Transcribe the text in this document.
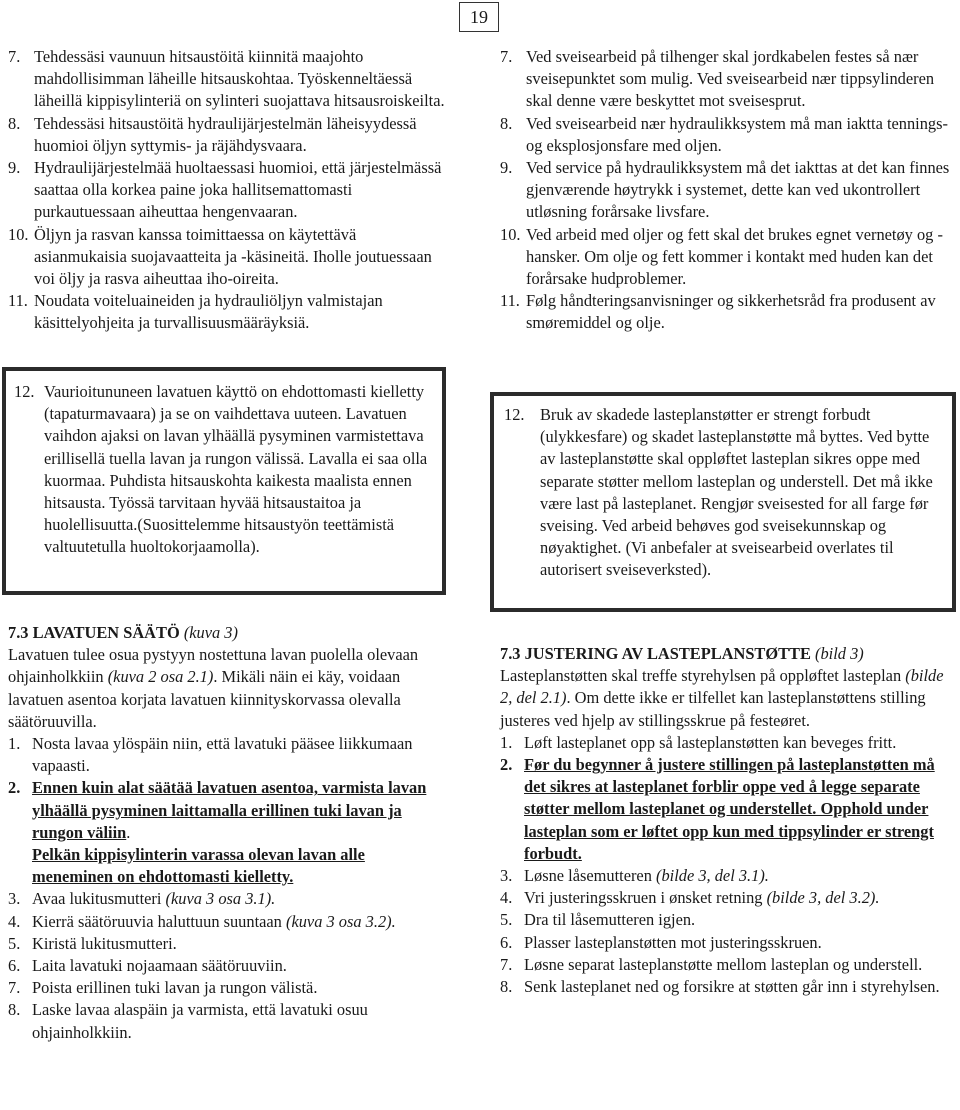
19
7. Tehdessäsi vaunuun hitsaustöitä kiinnitä maajohto mahdollisimman läheille hitsauskohtaa. Työskenneltäessä läheillä kippisylinteriä on sylinteri suojattava hitsausroiskeilta.
8. Tehdessäsi hitsaustöitä hydraulijärjestelmän läheisyydessä huomioi öljyn syttymis- ja räjähdysvaara.
9. Hydraulijärjestelmää huoltaessasi huomioi, että järjestelmässä saattaa olla korkea paine joka hallitsemattomasti purkautuessaan aiheuttaa hengenvaaran.
10. Öljyn ja rasvan kanssa toimittaessa on käytettävä asianmukaisia suojavaatteita ja -käsineitä. Iholle joutuessaan voi öljy ja rasva aiheuttaa iho-oireita.
11. Noudata voiteluaineiden ja hydrauliöljyn valmistajan käsittelyohjeita ja turvallisuusmääräyksiä.
12. Vaurioitununeen lavatuen käyttö on ehdottomasti kielletty (tapaturmavaara) ja se on vaihdettava uuteen. Lavatuen vaihdon ajaksi on lavan ylhäällä pysyminen varmistettava erillisellä tuella lavan ja rungon välissä. Lavalla ei saa olla kuormaa. Puhdista hitsauskohta kaikesta maalista ennen hitsausta. Työssä tarvitaan hyvää hitsaustaitoa ja huolellisuutta.(Suosittelemme hitsaustyön teettämistä valtuutetulla huoltokorjaamolla).
7.3 LAVATUEN SÄÄTÖ (kuva 3)
Lavatuen tulee osua pystyyn nostettuna lavan puolella olevaan ohjainholkkiin (kuva 2 osa 2.1). Mikäli näin ei käy, voidaan lavatuen asentoa korjata lavatuen kiinnityskorvassa olevalla säätöruuvilla.
1. Nosta lavaa ylöspäin niin, että lavatuki pääsee liikkumaan vapaasti.
2. Ennen kuin alat säätää lavatuen asentoa, varmista lavan ylhäällä pysyminen laittamalla erillinen tuki lavan ja rungon väliin.
Pelkän kippisylinterin varassa olevan lavan alle meneminen on ehdottomasti kielletty.
3. Avaa lukitusmutteri (kuva 3 osa 3.1).
4. Kierrä säätöruuvia haluttuun suuntaan (kuva 3 osa 3.2).
5. Kiristä lukitusmutteri.
6. Laita lavatuki nojaamaan säätöruuviin.
7. Poista erillinen tuki lavan ja rungon välistä.
8. Laske lavaa alaspäin ja varmista, että lavatuki osuu ohjainholkkiin.
7. Ved sveisearbeid på tilhenger skal jordkabelen festes så nær sveisepunktet som mulig. Ved sveisearbeid nær tippsylinderen skal denne være beskyttet mot sveisesprut.
8. Ved sveisearbeid nær hydraulikksystem må man iaktta tennings- og eksplosjonsfare med oljen.
9. Ved service på hydraulikksystem må det iakttas at det kan finnes gjenværende høytrykk i systemet, dette kan ved ukontrollert utløsning forårsake livsfare.
10. Ved arbeid med oljer og fett skal det brukes egnet vernetøy og -hansker. Om olje og fett kommer i kontakt med huden kan det forårsake hudproblemer.
11. Følg håndteringsanvisninger og sikkerhetsråd fra produsent av smøremiddel og olje.
12. Bruk av skadede lasteplanstøtter er strengt forbudt (ulykkesfare) og skadet lasteplanstøtte må byttes. Ved bytte av lasteplanstøtte skal oppløftet lasteplan sikres oppe med separate støtter mellom lasteplan og understell. Det må ikke være last på lasteplanet. Rengjør sveisested for all farge før sveising. Ved arbeid behøves god sveisekunnskap og nøyaktighet. (Vi anbefaler at sveisearbeid overlates til autorisert sveiseverksted).
7.3 JUSTERING AV LASTEPLANSTØTTE (bild 3)
Lasteplanstøtten skal treffe styrehylsen på oppløftet lasteplan (bilde 2, del 2.1). Om dette ikke er tilfellet kan lasteplanstøttens stilling justeres ved hjelp av stillingsskrue på festeøret.
1. Løft lasteplanet opp så lasteplanstøtten kan beveges fritt.
2. Før du begynner å justere stillingen på lasteplanstøtten må det sikres at lasteplanet forblir oppe ved å legge separate støtter mellom lasteplanet og understellet. Opphold under lasteplan som er løftet opp kun med tippsylinder er strengt forbudt.
3. Løsne låsemutteren (bilde 3, del 3.1).
4. Vri justeringsskruen i ønsket retning (bilde 3, del 3.2).
5. Dra til låsemutteren igjen.
6. Plasser lasteplanstøtten mot justeringsskruen.
7. Løsne separat lasteplanstøtte mellom lasteplan og understell.
8. Senk lasteplanet ned og forsikre at støtten går inn i styrehylsen.
